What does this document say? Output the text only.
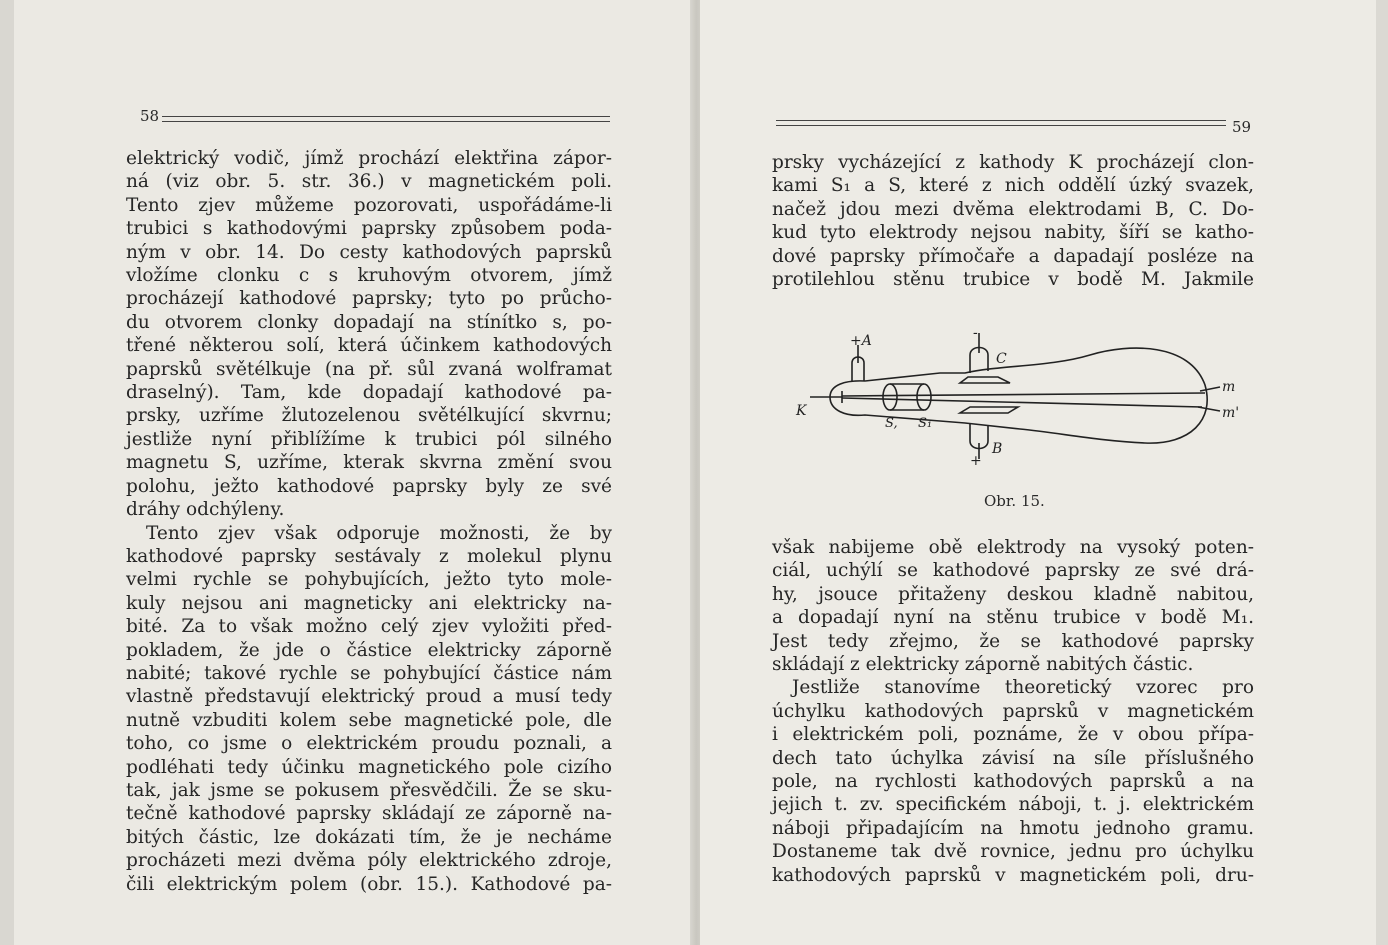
58

elektrický vodič, jímž prochází elektřina zápor-

ná (viz obr. 5. str. 36.) v magnetickém poli.

Tento zjev můžeme pozorovati, uspořádáme-li

trubici s kathodovými paprsky způsobem poda-

ným v obr. 14. Do cesty kathodových paprsků

vložíme clonku c s kruhovým otvorem, jímž

procházejí kathodové paprsky; tyto po průcho-

du otvorem clonky dopadají na stínítko s, po-

třené některou solí, která účinkem kathodových

paprsků světélkuje (na př. sůl zvaná wolframat

draselný). Tam, kde dopadají kathodové pa-

prsky, uzříme žlutozelenou světélkující skvrnu;

jestliže nyní přiblížíme k trubici pól silného

magnetu S, uzříme, kterak skvrna změní svou

polohu, ježto kathodové paprsky byly ze své

dráhy odchýleny.

Tento zjev však odporuje možnosti, že by

kathodové paprsky sestávaly z molekul plynu

velmi rychle se pohybujících, ježto tyto mole-

kuly nejsou ani magneticky ani elektricky na-

bité. Za to však možno celý zjev vyložiti před-

pokladem, že jde o částice elektricky záporně

nabité; takové rychle se pohybující částice nám

vlastně představují elektrický proud a musí tedy

nutně vzbuditi kolem sebe magnetické pole, dle

toho, co jsme o elektrickém proudu poznali, a

podléhati tedy účinku magnetického pole cizího

tak, jak jsme se pokusem přesvědčili. Že se sku-

tečně kathodové paprsky skládají ze záporně na-

bitých částic, lze dokázati tím, že je necháme

procházeti mezi dvěma póly elektrického zdroje,

čili elektrickým polem (obr. 15.). Kathodové pa-

59

prsky vycházející z kathody K procházejí clon-

kami S₁ a S, které z nich oddělí úzký svazek,

načež jdou mezi dvěma elektrodami B, C. Do-

kud tyto elektrody nejsou nabity, šíří se katho-

dové paprsky přímočaře a dapadají posléze na

protilehlou stěnu trubice v bodě M. Jakmile

+A
K
S, S₁
C
B
-
+
m
m'
Obr. 15.

však nabijeme obě elektrody na vysoký poten-

ciál, uchýlí se kathodové paprsky ze své drá-

hy, jsouce přitaženy deskou kladně nabitou,

a dopadají nyní na stěnu trubice v bodě M₁.

Jest tedy zřejmo, že se kathodové paprsky

skládají z elektricky záporně nabitých částic.

Jestliže stanovíme theoretický vzorec pro

úchylku kathodových paprsků v magnetickém

i elektrickém poli, poznáme, že v obou přípa-

dech tato úchylka závisí na síle příslušného

pole, na rychlosti kathodových paprsků a na

jejich t. zv. specifickém náboji, t. j. elektrickém

náboji připadajícím na hmotu jednoho gramu.

Dostaneme tak dvě rovnice, jednu pro úchylku

kathodových paprsků v magnetickém poli, dru-
